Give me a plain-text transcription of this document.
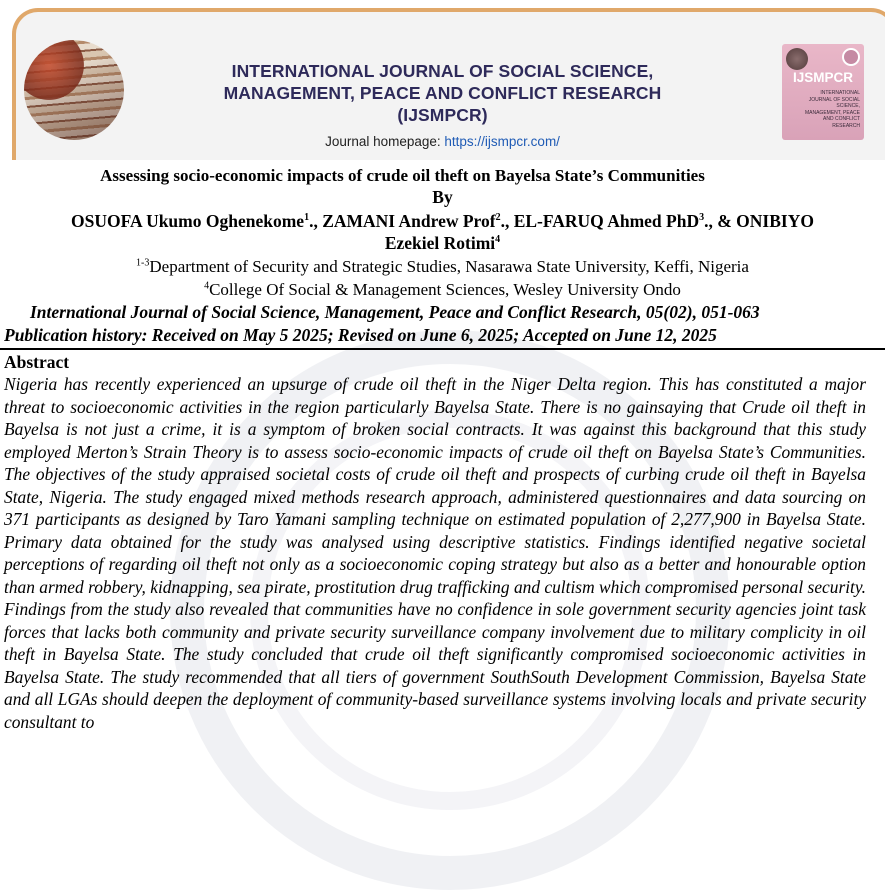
INTERNATIONAL JOURNAL OF SOCIAL SCIENCE,
MANAGEMENT, PEACE AND CONFLICT RESEARCH
(IJSMPCR)
Journal homepage: https://ijsmpcr.com/
IJSMPCR
INTERNATIONAL JOURNAL OF SOCIAL SCIENCE, MANAGEMENT, PEACE AND CONFLICT RESEARCH
Assessing socio-economic impacts of crude oil theft on Bayelsa State’s Communities
By
OSUOFA Ukumo Oghenekome$^1$., ZAMANI Andrew Prof$^2$., EL-FARUQ Ahmed PhD$^3$., & ONIBIYO
Ezekiel Rotimi$^4$
$^{1-3}$Department of Security and Strategic Studies, Nasarawa State University, Keffi, Nigeria
$^4$College Of Social & Management Sciences, Wesley University Ondo
International Journal of Social Science, Management, Peace and Conflict Research, 05(02), 051-063
Publication history: Received on May 5 2025; Revised on June 6, 2025; Accepted on June 12, 2025
Abstract
Nigeria has recently experienced an upsurge of crude oil theft in the Niger Delta region. This has constituted a major threat to socioeconomic activities in the region particularly Bayelsa State. There is no gainsaying that Crude oil theft in Bayelsa is not just a crime, it is a symptom of broken social contracts. It was against this background that this study employed Merton’s Strain Theory is to assess socio-economic impacts of crude oil theft on Bayelsa State’s Communities. The objectives of the study appraised societal costs of crude oil theft and prospects of curbing crude oil theft in Bayelsa State, Nigeria. The study engaged mixed methods research approach, administered questionnaires and data sourcing on 371 participants as designed by Taro Yamani sampling technique on estimated population of 2,277,900 in Bayelsa State. Primary data obtained for the study was analysed using descriptive statistics. Findings identified negative societal perceptions of regarding oil theft not only as a socioeconomic coping strategy but also as a better and honourable option than armed robbery, kidnapping, sea pirate, prostitution drug trafficking and cultism which compromised personal security. Findings from the study also revealed that communities have no confidence in sole government security agencies joint task forces that lacks both community and private security surveillance company involvement due to military complicity in oil theft in Bayelsa State. The study concluded that crude oil theft significantly compromised socioeconomic activities in Bayelsa State. The study recommended that all tiers of government SouthSouth Development Commission, Bayelsa State and all LGAs should deepen the deployment of community-based surveillance systems involving locals and private security consultant to
